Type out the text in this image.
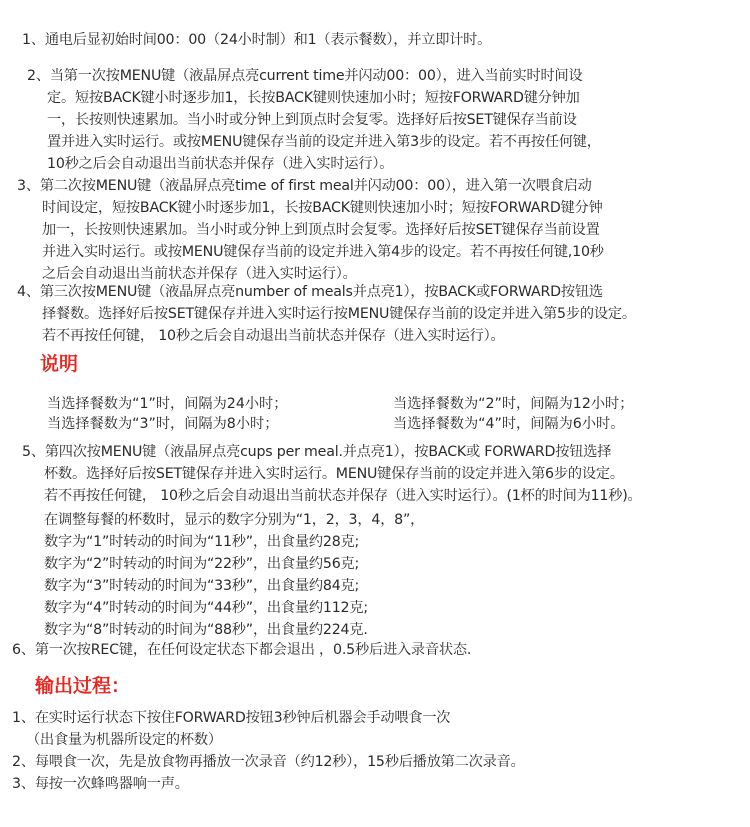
1、通电后显初始时间00：00（24小时制）和1（表示餐数），并立即计时。
2、当第一次按MENU键（液晶屏点亮current time并闪动00：00），进入当前实时时间设
定。短按BACK键小时逐步加1，长按BACK键则快速加小时；短按FORWARD键分钟加
一，长按则快速累加。当小时或分钟上到顶点时会复零。选择好后按SET键保存当前设
置并进入实时运行。或按MENU键保存当前的设定并进入第3步的设定。若不再按任何键，
10秒之后会自动退出当前状态并保存（进入实时运行）。
3、第二次按MENU键（液晶屏点亮time of first meal并闪动00：00），进入第一次喂食启动
时间设定，短按BACK键小时逐步加1，长按BACK键则快速加小时；短按FORWARD键分钟
加一，长按则快速累加。当小时或分钟上到顶点时会复零。选择好后按SET键保存当前设置
并进入实时运行。或按MENU键保存当前的设定并进入第4步的设定。若不再按任何键,10秒
之后会自动退出当前状态并保存（进入实时运行）。
4、第三次按MENU键（液晶屏点亮number of meals并点亮1），按BACK或FORWARD按钮选
择餐数。选择好后按SET键保存并进入实时运行按MENU键保存当前的设定并进入第5步的设定。
若不再按任何键， 10秒之后会自动退出当前状态并保存（进入实时运行）。
说明
当选择餐数为“1”时，间隔为24小时；	当选择餐数为“2”时，间隔为12小时；
当选择餐数为“3”时，间隔为8小时；	当选择餐数为“4”时，间隔为6小时。
5、第四次按MENU键（液晶屏点亮cups per meal.并点亮1），按BACK或 FORWARD按钮选择
杯数。选择好后按SET键保存并进入实时运行。MENU键保存当前的设定并进入第6步的设定。
若不再按任何键， 10秒之后会自动退出当前状态并保存（进入实时运行）。(1杯的时间为11秒)。
在调整每餐的杯数时，显示的数字分别为“1，2，3，4，8”，
数字为“1”时转动的时间为“11秒”，出食量约28克;
数字为“2”时转动的时间为“22秒”，出食量约56克;
数字为“3”时转动的时间为“33秒”，出食量约84克;
数字为“4”时转动的时间为“44秒”，出食量约112克;
数字为“8”时转动的时间为“88秒”，出食量约224克.
6、第一次按REC键，在任何设定状态下都会退出 ，0.5秒后进入录音状态.
输出过程：
1、在实时运行状态下按住FORWARD按钮3秒钟后机器会手动喂食一次
（出食量为机器所设定的杯数）
2、每喂食一次，先是放食物再播放一次录音（约12秒），15秒后播放第二次录音。
3、每按一次蜂鸣器响一声。
